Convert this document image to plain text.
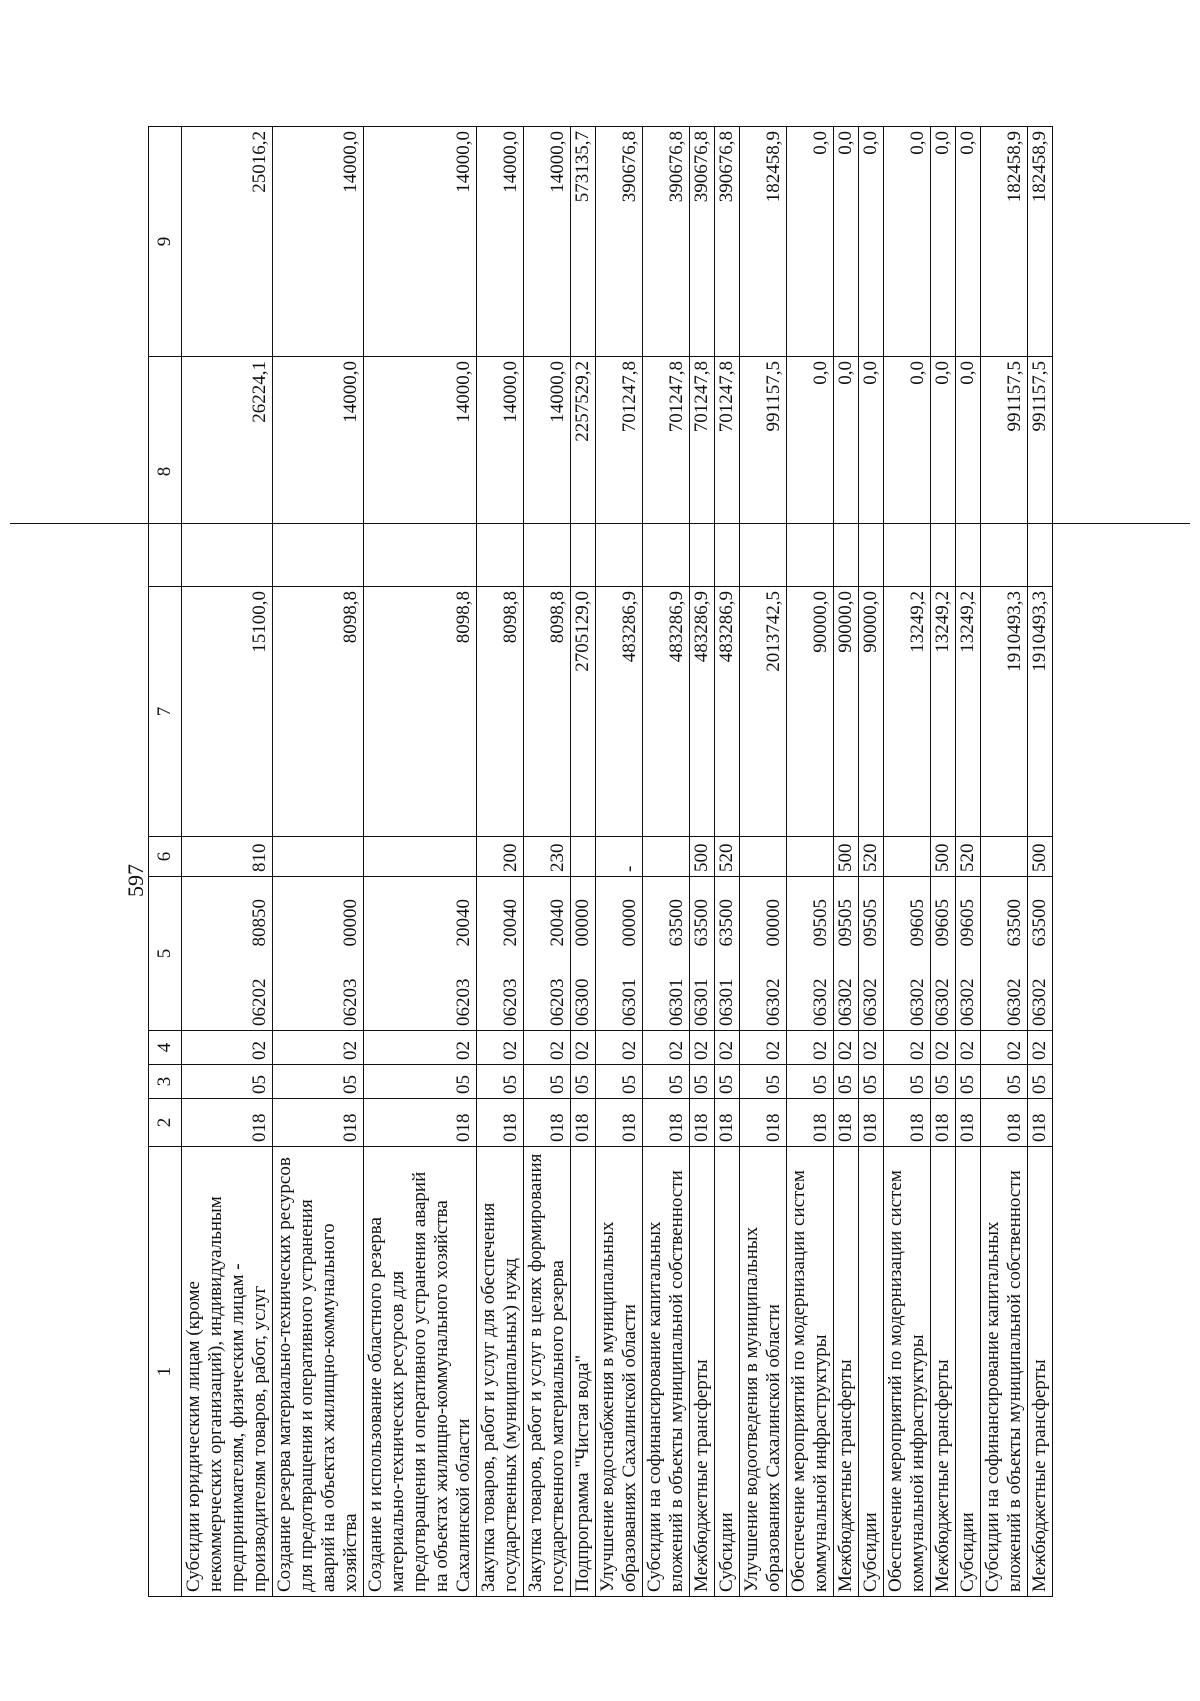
597
1	2	3	4	5		6	7	8	9
Субсидии юридическим лицам (кроме некоммерческих организаций), индивидуальным предпринимателям, физическим лицам - производителям товаров, работ, услуг	018	05	02	06202	80850	810	15100,0	26224,1	25016,2
Создание резерва материально-технических ресурсов для предотвращения и оперативного устранения аварий на объектах жилищно-коммунального хозяйства	018	05	02	06203	00000		8098,8	14000,0	14000,0
Создание и использование областного резерва материально-технических ресурсов для предотвращения и оперативного устранения аварий на объектах жилищно-коммунального хозяйства Сахалинской области	018	05	02	06203	20040		8098,8	14000,0	14000,0
Закупка товаров, работ и услуг для обеспечения государственных (муниципальных) нужд	018	05	02	06203	20040	200	8098,8	14000,0	14000,0
Закупка товаров, работ и услуг в целях формирования государственного материального резерва	018	05	02	06203	20040	230	8098,8	14000,0	14000,0
Подпрограмма "Чистая вода"	018	05	02	06300	00000		2705129,0	2257529,2	573135,7
Улучшение водоснабжения в муниципальных образованиях Сахалинской области	018	05	02	06301	00000	-	483286,9	701247,8	390676,8
Субсидии на софинансирование капитальных вложений в объекты муниципальной собственности	018	05	02	06301	63500		483286,9	701247,8	390676,8
Межбюджетные трансферты	018	05	02	06301	63500	500	483286,9	701247,8	390676,8
Субсидии	018	05	02	06301	63500	520	483286,9	701247,8	390676,8
Улучшение водоотведения в муниципальных образованиях Сахалинской области	018	05	02	06302	00000		2013742,5	991157,5	182458,9
Обеспечение мероприятий по модернизации систем коммунальной инфраструктуры	018	05	02	06302	09505		90000,0	0,0	0,0
Межбюджетные трансферты	018	05	02	06302	09505	500	90000,0	0,0	0,0
Субсидии	018	05	02	06302	09505	520	90000,0	0,0	0,0
Обеспечение мероприятий по модернизации систем коммунальной инфраструктуры	018	05	02	06302	09605		13249,2	0,0	0,0
Межбюджетные трансферты	018	05	02	06302	09605	500	13249,2	0,0	0,0
Субсидии	018	05	02	06302	09605	520	13249,2	0,0	0,0
Субсидии на софинансирование капитальных вложений в объекты муниципальной собственности	018	05	02	06302	63500		1910493,3	991157,5	182458,9
Межбюджетные трансферты	018	05	02	06302	63500	500	1910493,3	991157,5	182458,9
